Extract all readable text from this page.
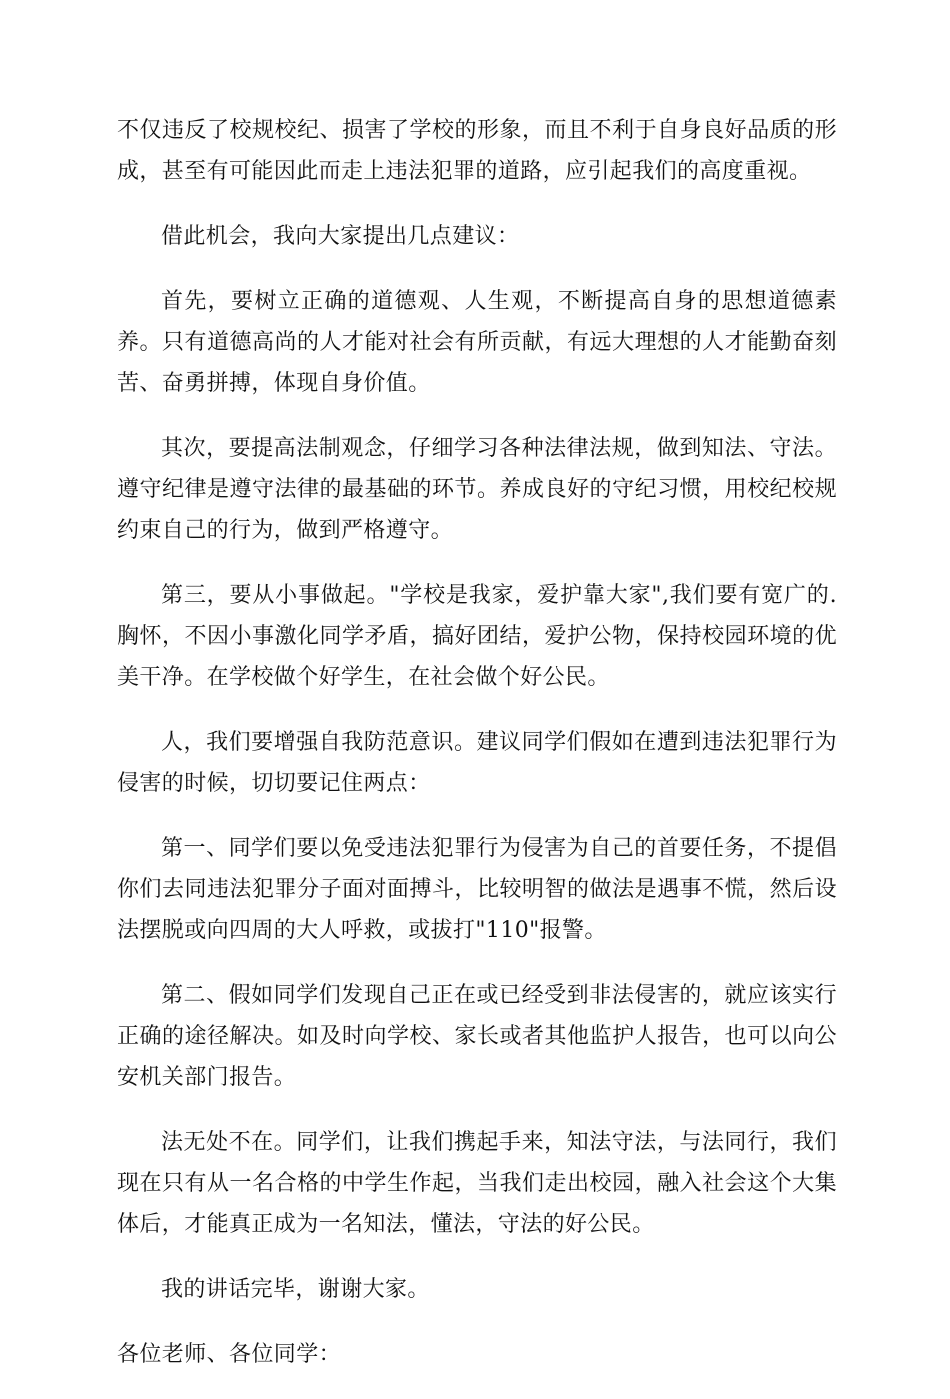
不仅违反了校规校纪、损害了学校的形象，而且不利于自身良好品质的形成，甚至有可能因此而走上违法犯罪的道路，应引起我们的高度重视。

借此机会，我向大家提出几点建议：

首先，要树立正确的道德观、人生观，不断提高自身的思想道德素养。只有道德高尚的人才能对社会有所贡献，有远大理想的人才能勤奋刻苦、奋勇拼搏，体现自身价值。

其次，要提高法制观念，仔细学习各种法律法规，做到知法、守法。遵守纪律是遵守法律的最基础的环节。养成良好的守纪习惯，用校纪校规约束自己的行为，做到严格遵守。

第三，要从小事做起。"学校是我家，爱护靠大家",我们要有宽广的.胸怀，不因小事激化同学矛盾，搞好团结，爱护公物，保持校园环境的优美干净。在学校做个好学生，在社会做个好公民。

人，我们要增强自我防范意识。建议同学们假如在遭到违法犯罪行为侵害的时候，切切要记住两点：

第一、同学们要以免受违法犯罪行为侵害为自己的首要任务，不提倡你们去同违法犯罪分子面对面搏斗，比较明智的做法是遇事不慌，然后设法摆脱或向四周的大人呼救，或拔打"110"报警。

第二、假如同学们发现自己正在或已经受到非法侵害的，就应该实行正确的途径解决。如及时向学校、家长或者其他监护人报告，也可以向公安机关部门报告。

法无处不在。同学们，让我们携起手来，知法守法，与法同行，我们现在只有从一名合格的中学生作起，当我们走出校园，融入社会这个大集体后，才能真正成为一名知法，懂法，守法的好公民。

我的讲话完毕，谢谢大家。

各位老师、各位同学：
